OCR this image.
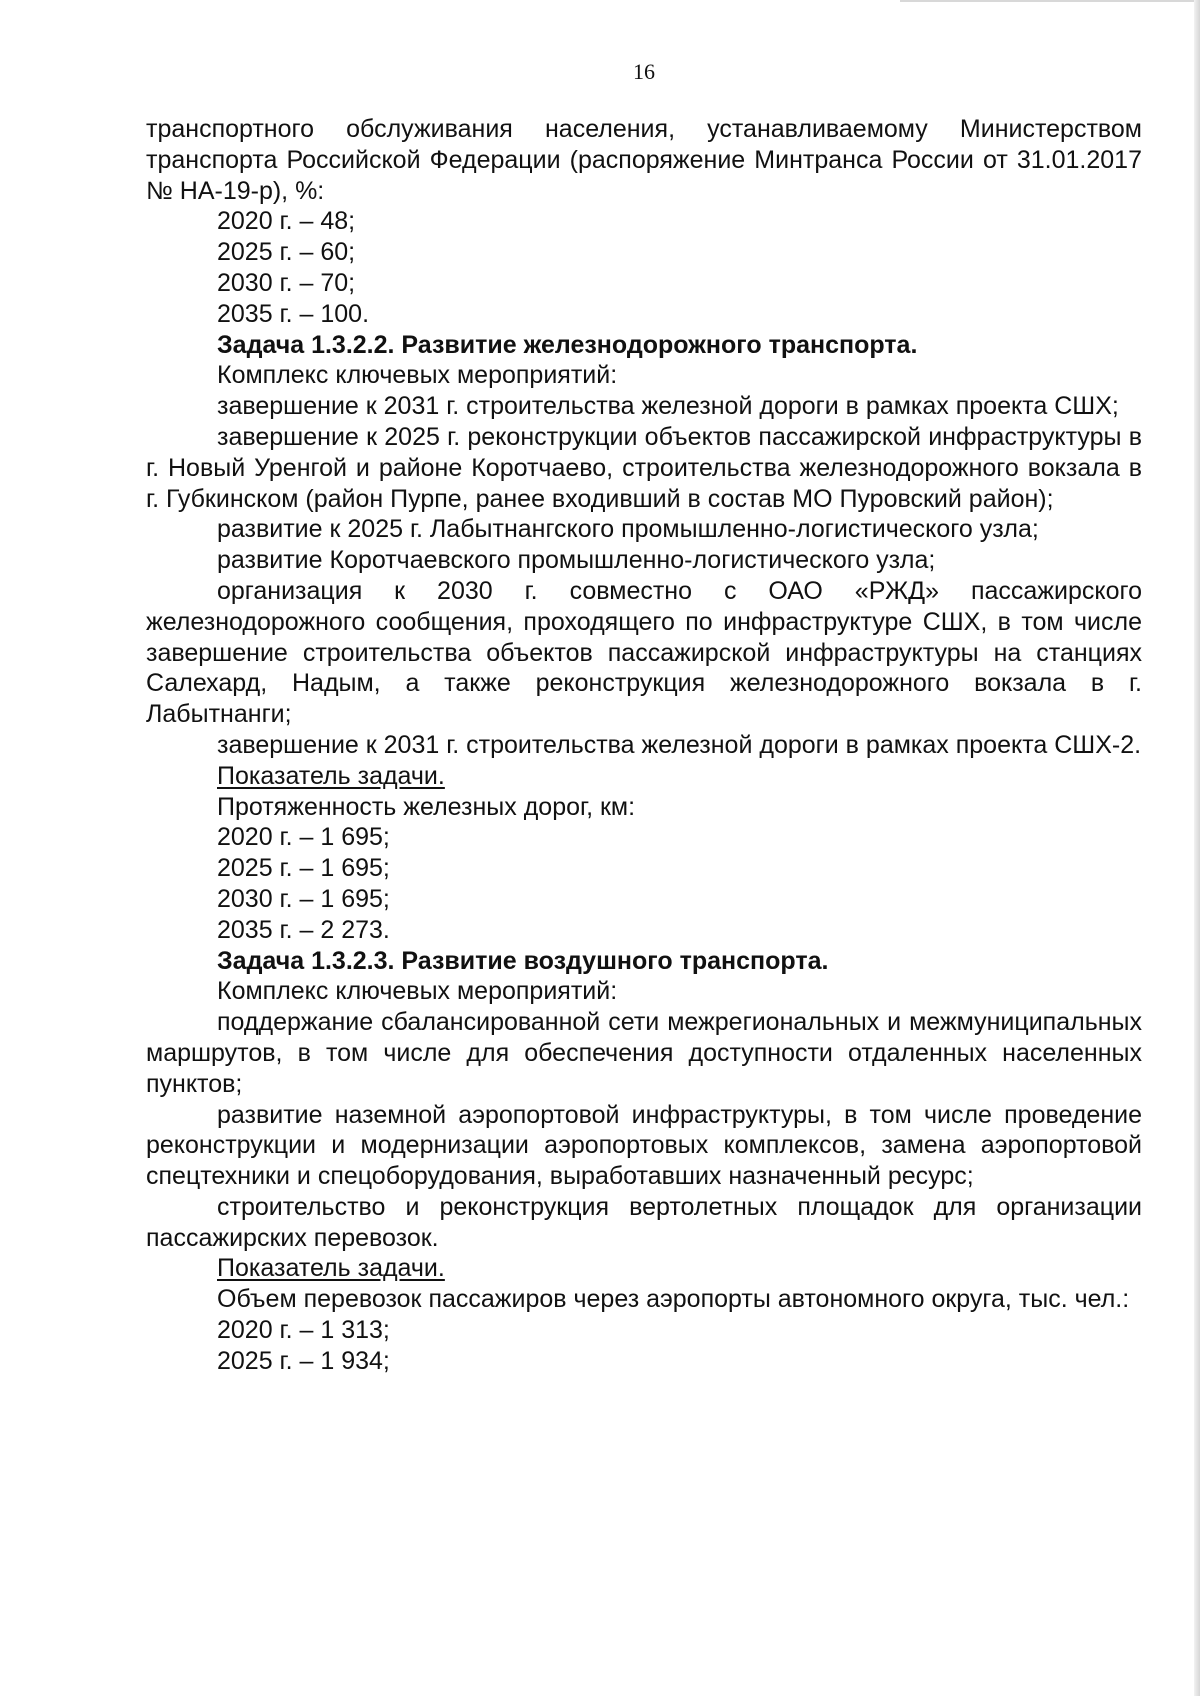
16

транспортного обслуживания населения, устанавливаемому Министерством транспорта Российской Федерации (распоряжение Минтранса России от 31.01.2017 № НА-19-р), %:

2020 г. – 48;

2025 г. – 60;

2030 г. – 70;

2035 г. – 100.

Задача 1.3.2.2. Развитие железнодорожного транспорта.

Комплекс ключевых мероприятий:

завершение к 2031 г. строительства железной дороги в рамках проекта СШХ;

завершение к 2025 г. реконструкции объектов пассажирской инфраструктуры в г. Новый Уренгой и районе Коротчаево, строительства железнодорожного вокзала в г. Губкинском (район Пурпе, ранее входивший в состав МО Пуровский район);

развитие к 2025 г. Лабытнангского промышленно-логистического узла;

развитие Коротчаевского промышленно-логистического узла;

организация к 2030 г. совместно с ОАО «РЖД» пассажирского железнодорожного сообщения, проходящего по инфраструктуре СШХ, в том числе завершение строительства объектов пассажирской инфраструктуры на станциях Салехард, Надым, а также реконструкция железнодорожного вокзала в г. Лабытнанги;

завершение к 2031 г. строительства железной дороги в рамках проекта СШХ-2.

Показатель задачи.

Протяженность железных дорог, км:

2020 г. – 1 695;

2025 г. – 1 695;

2030 г. – 1 695;

2035 г. – 2 273.

Задача 1.3.2.3. Развитие воздушного транспорта.

Комплекс ключевых мероприятий:

поддержание сбалансированной сети межрегиональных и межмуниципальных маршрутов, в том числе для обеспечения доступности отдаленных населенных пунктов;

развитие наземной аэропортовой инфраструктуры, в том числе проведение реконструкции и модернизации аэропортовых комплексов, замена аэропортовой спецтехники и спецоборудования, выработавших назначенный ресурс;

строительство и реконструкция вертолетных площадок для организации пассажирских перевозок.

Показатель задачи.

Объем перевозок пассажиров через аэропорты автономного округа, тыс. чел.:

2020 г. – 1 313;

2025 г. – 1 934;
